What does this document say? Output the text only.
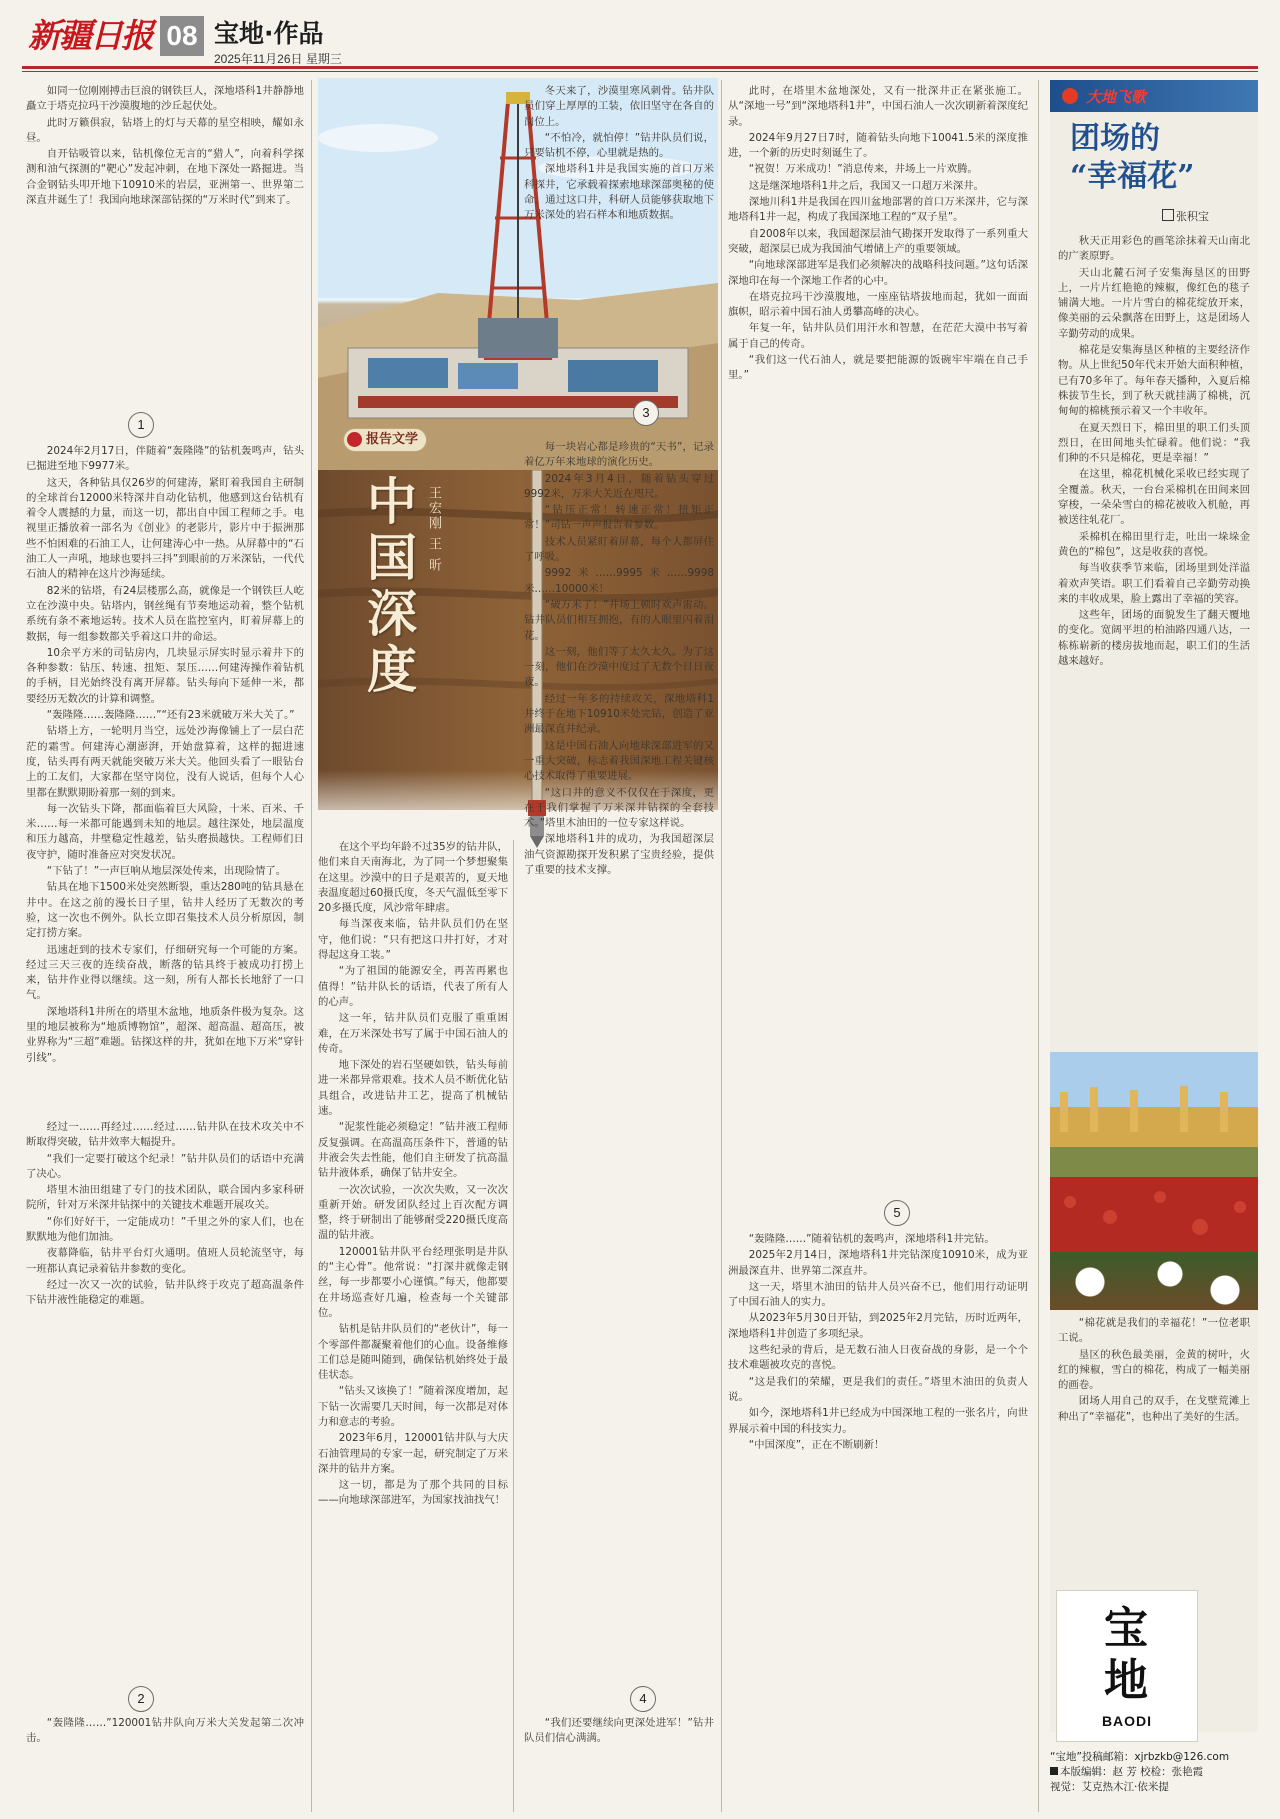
新疆日报 08 宝地·作品
2025年11月26日 星期三

如同一位刚刚搏击巨浪的钢铁巨人，深地塔科1井静静地矗立于塔克拉玛干沙漠腹地的沙丘起伏处。

此时万籁俱寂，钻塔上的灯与天幕的星空相映，耀如永昼。

自开钻吸管以来，钻机像位无言的“猎人”，向着科学探测和油气探测的“靶心”发起冲刺，在地下深处一路掘进。当合金钢钻头叩开地下10910米的岩层，亚洲第一、世界第二深直井诞生了！我国向地球深部钻探的“万米时代”到来了。

1

2024年2月17日，伴随着“轰隆隆”的钻机轰鸣声，钻头已掘进至地下9977米。

这天，各种钻具仅26岁的何建涛，紧盯着我国自主研制的全球首台12000米特深井自动化钻机，他感到这台钻机有着令人震撼的力量，而这一切，都出自中国工程师之手。电视里正播放着一部名为《创业》的老影片，影片中于振洲那些不怕困难的石油工人，让何建涛心中一热。从屏幕中的“石油工人一声吼，地球也要抖三抖”到眼前的万米深钻，一代代石油人的精神在这片沙海延续。

82米的钻塔，有24层楼那么高，就像是一个钢铁巨人屹立在沙漠中央。钻塔内，钢丝绳有节奏地运动着，整个钻机系统有条不紊地运转。技术人员在监控室内，盯着屏幕上的数据，每一组参数都关乎着这口井的命运。

10余平方米的司钻房内，几块显示屏实时显示着井下的各种参数：钻压、转速、扭矩、泵压……何建涛操作着钻机的手柄，目光始终没有离开屏幕。钻头每向下延伸一米，都要经历无数次的计算和调整。

“轰隆隆……轰隆隆……”“还有23米就破万米大关了。”

钻塔上方，一轮明月当空，远处沙海像铺上了一层白茫茫的霜雪。何建涛心潮澎湃，开始盘算着，这样的掘进速度，钻头再有两天就能突破万米大关。他回头看了一眼钻台上的工友们，大家都在坚守岗位，没有人说话，但每个人心里都在默默期盼着那一刻的到来。

每一次钻头下降，都面临着巨大风险，十米、百米、千米……每一米都可能遇到未知的地层。越往深处，地层温度和压力越高，井壁稳定性越差，钻头磨损越快。工程师们日夜守护，随时准备应对突发状况。

“下钻了！”一声巨响从地层深处传来，出现险情了。

钻具在地下1500米处突然断裂，重达280吨的钻具悬在井中。在这之前的漫长日子里，钻井人经历了无数次的考验，这一次也不例外。队长立即召集技术人员分析原因，制定打捞方案。

迅速赶到的技术专家们，仔细研究每一个可能的方案。经过三天三夜的连续奋战，断落的钻具终于被成功打捞上来，钻井作业得以继续。这一刻，所有人都长长地舒了一口气。

深地塔科1井所在的塔里木盆地，地质条件极为复杂。这里的地层被称为“地质博物馆”，超深、超高温、超高压，被业界称为“三超”难题。钻探这样的井，犹如在地下万米“穿针引线”。

经过一……再经过……经过……钻井队在技术攻关中不断取得突破，钻井效率大幅提升。

“我们一定要打破这个纪录！”钻井队员们的话语中充满了决心。

塔里木油田组建了专门的技术团队，联合国内多家科研院所，针对万米深井钻探中的关键技术难题开展攻关。

“你们好好干，一定能成功！”千里之外的家人们，也在默默地为他们加油。

夜幕降临，钻井平台灯火通明。值班人员轮流坚守，每一班都认真记录着钻井参数的变化。

经过一次又一次的试验，钻井队终于攻克了超高温条件下钻井液性能稳定的难题。

2

“轰隆隆……”120001钻井队向万米大关发起第二次冲击。

3
报告文学
中国深度 王宏刚 王 昕

在这个平均年龄不过35岁的钻井队，他们来自天南海北，为了同一个梦想聚集在这里。沙漠中的日子是艰苦的，夏天地表温度超过60摄氏度，冬天气温低至零下20多摄氏度，风沙常年肆虐。

每当深夜来临，钻井队员们仍在坚守，他们说：“只有把这口井打好，才对得起这身工装。”

“为了祖国的能源安全，再苦再累也值得！”钻井队长的话语，代表了所有人的心声。

这一年，钻井队员们克服了重重困难，在万米深处书写了属于中国石油人的传奇。

地下深处的岩石坚硬如铁，钻头每前进一米都异常艰难。技术人员不断优化钻具组合，改进钻井工艺，提高了机械钻速。

“泥浆性能必须稳定！”钻井液工程师反复强调。在高温高压条件下，普通的钻井液会失去性能，他们自主研发了抗高温钻井液体系，确保了钻井安全。

一次次试验，一次次失败，又一次次重新开始。研发团队经过上百次配方调整，终于研制出了能够耐受220摄氏度高温的钻井液。

120001钻井队平台经理张明是井队的“主心骨”。他常说：“打深井就像走钢丝，每一步都要小心谨慎。”每天，他都要在井场巡查好几遍，检查每一个关键部位。

钻机是钻井队员们的“老伙计”，每一个零部件都凝聚着他们的心血。设备维修工们总是随叫随到，确保钻机始终处于最佳状态。

“钻头又该换了！”随着深度增加，起下钻一次需要几天时间，每一次都是对体力和意志的考验。

2023年6月，120001钻井队与大庆石油管理局的专家一起，研究制定了万米深井的钻井方案。

这一切，都是为了那个共同的目标——向地球深部进军，为国家找油找气！

冬天来了，沙漠里寒风刺骨。钻井队员们穿上厚厚的工装，依旧坚守在各自的岗位上。

“不怕冷，就怕停！”钻井队员们说，只要钻机不停，心里就是热的。

深地塔科1井是我国实施的首口万米科探井，它承载着探索地球深部奥秘的使命。通过这口井，科研人员能够获取地下万米深处的岩石样本和地质数据。

每一块岩心都是珍贵的“天书”，记录着亿万年来地球的演化历史。

2024年3月4日，随着钻头穿过9992米，万米大关近在咫尺。

“钻压正常！转速正常！扭矩正常！”司钻一声声报告着参数。

技术人员紧盯着屏幕，每个人都屏住了呼吸。

9992米……9995米……9998米……10000米！

“破万米了！”井场上顿时欢声雷动。钻井队员们相互拥抱，有的人眼里闪着泪花。

这一刻，他们等了太久太久。为了这一刻，他们在沙漠中度过了无数个日日夜夜。

经过一年多的持续攻关，深地塔科1井终于在地下10910米处完钻，创造了亚洲最深直井纪录。

这是中国石油人向地球深部进军的又一重大突破，标志着我国深地工程关键核心技术取得了重要进展。

“这口井的意义不仅仅在于深度，更在于我们掌握了万米深井钻探的全套技术。”塔里木油田的一位专家这样说。

深地塔科1井的成功，为我国超深层油气资源勘探开发积累了宝贵经验，提供了重要的技术支撑。

4

“我们还要继续向更深处进军！”钻井队员们信心满满。

此时，在塔里木盆地深处，又有一批深井正在紧张施工。从“深地一号”到“深地塔科1井”，中国石油人一次次刷新着深度纪录。

2024年9月27日7时，随着钻头向地下10041.5米的深度推进，一个新的历史时刻诞生了。

“祝贺！万米成功！”消息传来，井场上一片欢腾。

这是继深地塔科1井之后，我国又一口超万米深井。

深地川科1井是我国在四川盆地部署的首口万米深井，它与深地塔科1井一起，构成了我国深地工程的“双子星”。

自2008年以来，我国超深层油气勘探开发取得了一系列重大突破，超深层已成为我国油气增储上产的重要领域。

“向地球深部进军是我们必须解决的战略科技问题。”这句话深深地印在每一个深地工作者的心中。

在塔克拉玛干沙漠腹地，一座座钻塔拔地而起，犹如一面面旗帜，昭示着中国石油人勇攀高峰的决心。

年复一年，钻井队员们用汗水和智慧，在茫茫大漠中书写着属于自己的传奇。

“我们这一代石油人，就是要把能源的饭碗牢牢端在自己手里。”

5

“轰隆隆……”随着钻机的轰鸣声，深地塔科1井完钻。

2025年2月14日，深地塔科1井完钻深度10910米，成为亚洲最深直井、世界第二深直井。

这一天，塔里木油田的钻井人员兴奋不已，他们用行动证明了中国石油人的实力。

从2023年5月30日开钻，到2025年2月完钻，历时近两年，深地塔科1井创造了多项纪录。

这些纪录的背后，是无数石油人日夜奋战的身影，是一个个技术难题被攻克的喜悦。

“这是我们的荣耀，更是我们的责任。”塔里木油田的负责人说。

如今，深地塔科1井已经成为中国深地工程的一张名片，向世界展示着中国的科技实力。

“中国深度”，正在不断刷新！

大地飞歌
团场的
“幸福花”
张积宝

秋天正用彩色的画笔涂抹着天山南北的广袤原野。

天山北麓石河子安集海垦区的田野上，一片片红艳艳的辣椒，像红色的毯子铺满大地。一片片雪白的棉花绽放开来，像美丽的云朵飘落在田野上，这是团场人辛勤劳动的成果。

棉花是安集海垦区种植的主要经济作物。从上世纪50年代末开始大面积种植，已有70多年了。每年春天播种，入夏后棉株拔节生长，到了秋天就挂满了棉桃，沉甸甸的棉桃预示着又一个丰收年。

在夏天烈日下，棉田里的职工们头顶烈日，在田间地头忙碌着。他们说：“我们种的不只是棉花，更是幸福！”

在这里，棉花机械化采收已经实现了全覆盖。秋天，一台台采棉机在田间来回穿梭，一朵朵雪白的棉花被收入机舱，再被送往轧花厂。

采棉机在棉田里行走，吐出一垛垛金黄色的“棉包”，这是收获的喜悦。

每当收获季节来临，团场里到处洋溢着欢声笑语。职工们看着自己辛勤劳动换来的丰收成果，脸上露出了幸福的笑容。

这些年，团场的面貌发生了翻天覆地的变化。宽阔平坦的柏油路四通八达，一栋栋崭新的楼房拔地而起，职工们的生活越来越好。

“棉花就是我们的幸福花！”一位老职工说。

垦区的秋色最美丽，金黄的树叶，火红的辣椒，雪白的棉花，构成了一幅美丽的画卷。

团场人用自己的双手，在戈壁荒滩上种出了“幸福花”，也种出了美好的生活。

宝地
BAODI
“宝地”投稿邮箱：xjrbzkb@126.com
本版编辑：赵 芳 校检：张艳霞
视觉：艾克热木江·依米提
